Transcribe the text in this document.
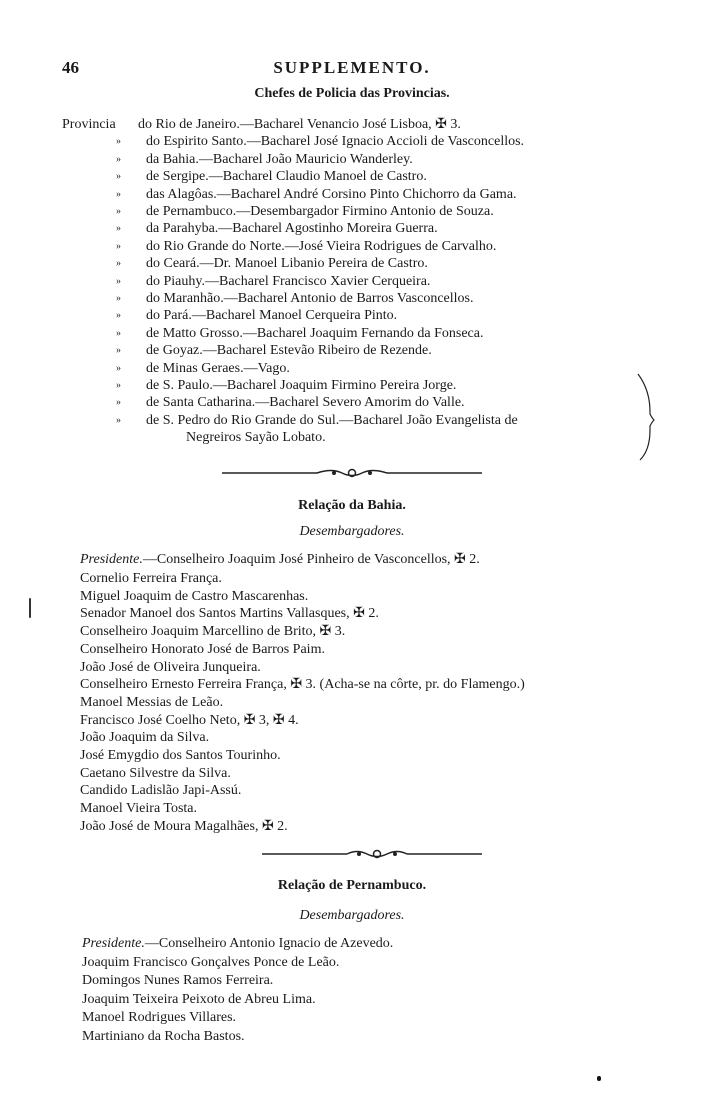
46	SUPPLEMENTO.
Chefes de Policia das Provincias.
Provincia do Rio de Janeiro.—Bacharel Venancio José Lisboa, ✠ 3.
» do Espirito Santo.—Bacharel José Ignacio Accioli de Vasconcellos.
» da Bahia.—Bacharel João Mauricio Wanderley.
» de Sergipe.—Bacharel Claudio Manoel de Castro.
» das Alagôas.—Bacharel André Corsino Pinto Chichorro da Gama.
» de Pernambuco.—Desembargador Firmino Antonio de Souza.
» da Parahyba.—Bacharel Agostinho Moreira Guerra.
» do Rio Grande do Norte.—José Vieira Rodrigues de Carvalho.
» do Ceará.—Dr. Manoel Libanio Pereira de Castro.
» do Piauhy.—Bacharel Francisco Xavier Cerqueira.
» do Maranhão.—Bacharel Antonio de Barros Vasconcellos.
» do Pará.—Bacharel Manoel Cerqueira Pinto.
» de Matto Grosso.—Bacharel Joaquim Fernando da Fonseca.
» de Goyaz.—Bacharel Estevão Ribeiro de Rezende.
» de Minas Geraes.—Vago.
» de S. Paulo.—Bacharel Joaquim Firmino Pereira Jorge.
» de Santa Catharina.—Bacharel Severo Amorim do Valle.
» de S. Pedro do Rio Grande do Sul.—Bacharel João Evangelista de
Negreiros Sayão Lobato.
Relação da Bahia.
Desembargadores.
Presidente.—Conselheiro Joaquim José Pinheiro de Vasconcellos, ✠ 2.
Cornelio Ferreira França.
Miguel Joaquim de Castro Mascarenhas.
Senador Manoel dos Santos Martins Vallasques, ✠ 2.
Conselheiro Joaquim Marcellino de Brito, ✠ 3.
Conselheiro Honorato José de Barros Paim.
João José de Oliveira Junqueira.
Conselheiro Ernesto Ferreira França, ✠ 3. (Acha-se na côrte, pr. do Flamengo.)
Manoel Messias de Leão.
Francisco José Coelho Neto, ✠ 3, ✠ 4.
João Joaquim da Silva.
José Emygdio dos Santos Tourinho.
Caetano Silvestre da Silva.
Candido Ladislão Japi-Assú.
Manoel Vieira Tosta.
João José de Moura Magalhães, ✠ 2.
Relação de Pernambuco.
Desembargadores.
Presidente.—Conselheiro Antonio Ignacio de Azevedo.
Joaquim Francisco Gonçalves Ponce de Leão.
Domingos Nunes Ramos Ferreira.
Joaquim Teixeira Peixoto de Abreu Lima.
Manoel Rodrigues Villares.
Martiniano da Rocha Bastos.
